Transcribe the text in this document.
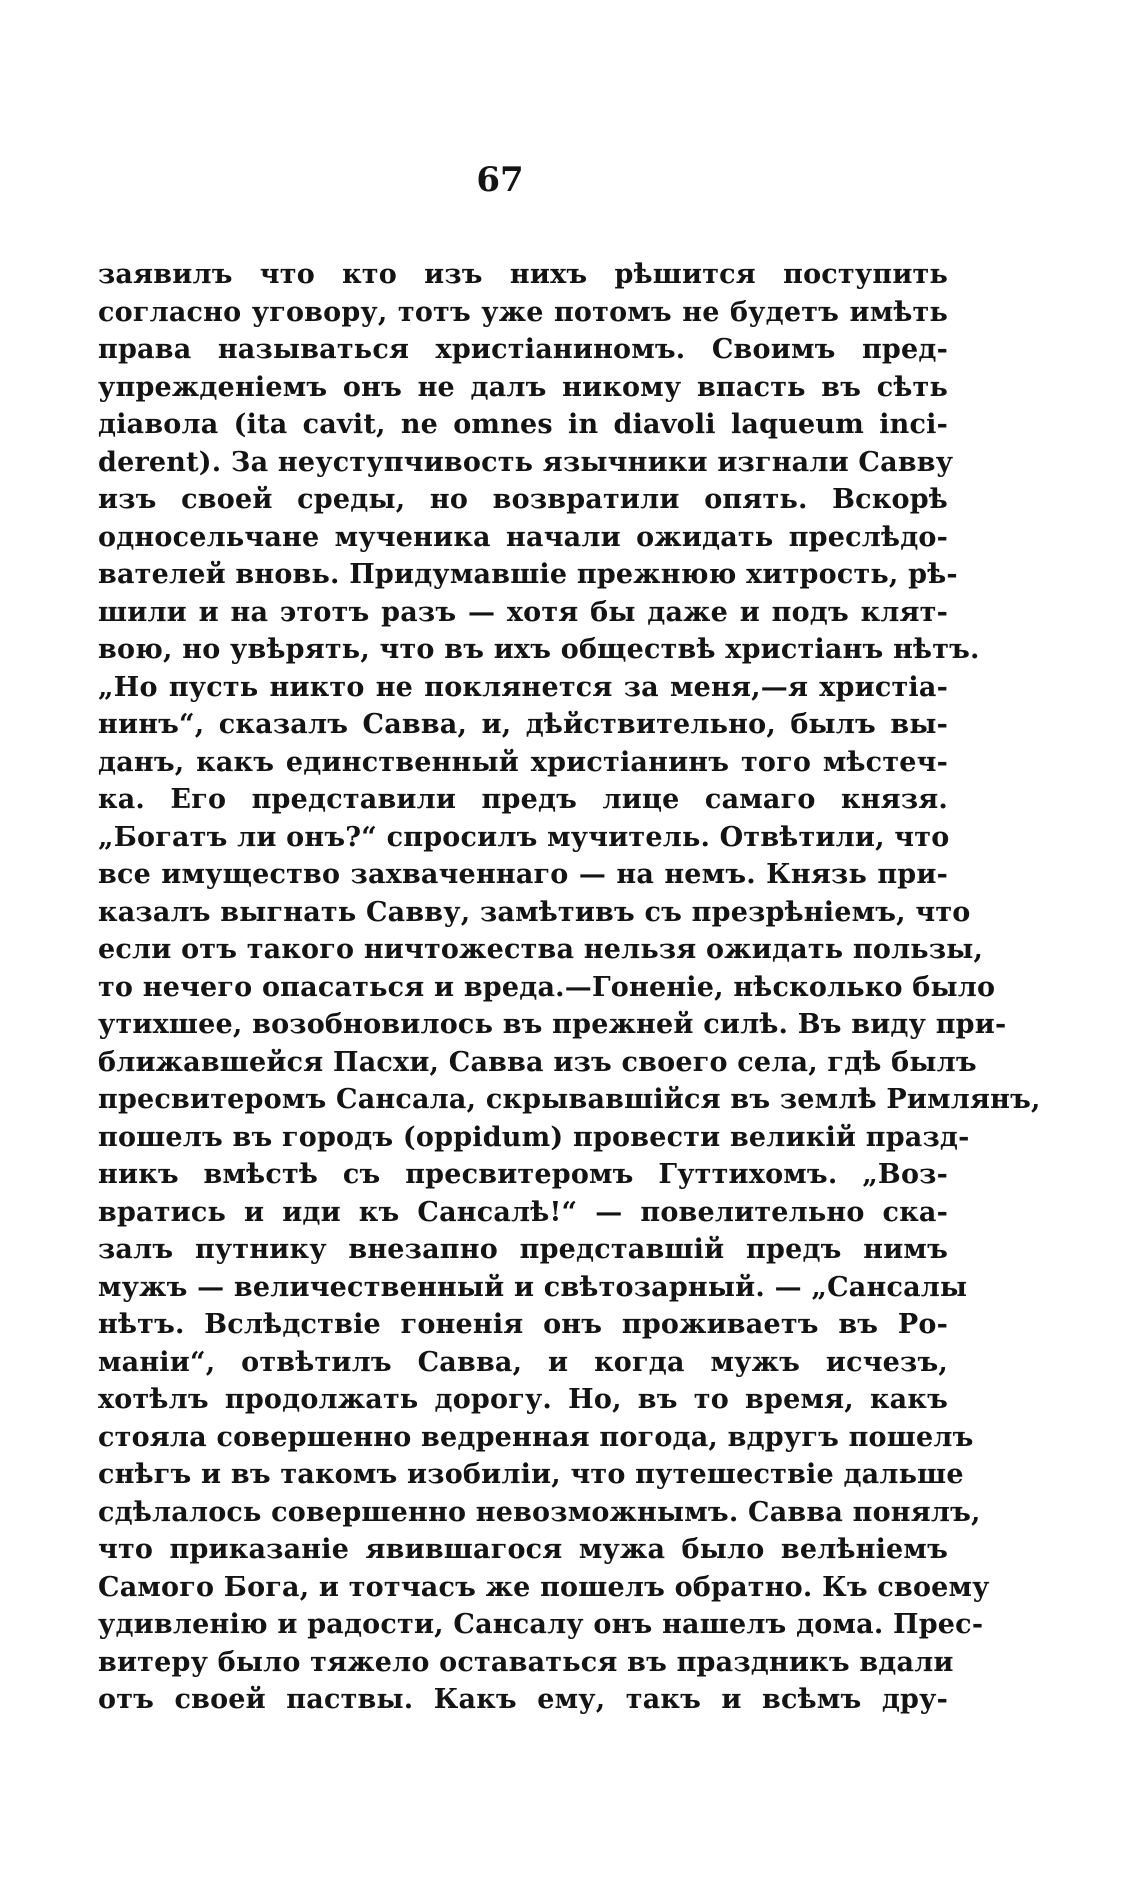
67
заявилъ что кто изъ нихъ рѣшится поступить
согласно уговору, тотъ уже потомъ не будетъ имѣть
права называться христіаниномъ. Своимъ пред-
упрежденіемъ онъ не далъ никому впасть въ сѣть
діавола (ita cavit, ne omnes in diavoli laqueum inci-
derent). За неуступчивость язычники изгнали Савву
изъ своей среды, но возвратили опять. Вскорѣ
односельчане мученика начали ожидать преслѣдо-
вателей вновь. Придумавшіе прежнюю хитрость, рѣ-
шили и на этотъ разъ — хотя бы даже и подъ клят-
вою, но увѣрять, что въ ихъ обществѣ христіанъ нѣтъ.
„Но пусть никто не поклянется за меня,—я христіа-
нинъ“, сказалъ Савва, и, дѣйствительно, былъ вы-
данъ, какъ единственный христіанинъ того мѣстеч-
ка. Его представили предъ лице самаго князя.
„Богатъ ли онъ?“ спросилъ мучитель. Отвѣтили, что
все имущество захваченнаго — на немъ. Князь при-
казалъ выгнать Савву, замѣтивъ съ презрѣніемъ, что
если отъ такого ничтожества нельзя ожидать пользы,
то нечего опасаться и вреда.—Гоненіе, нѣсколько было
утихшее, возобновилось въ прежней силѣ. Въ виду при-
ближавшейся Пасхи, Савва изъ своего села, гдѣ былъ
пресвитеромъ Сансала, скрывавшійся въ землѣ Римлянъ,
пошелъ въ городъ (oppidum) провести великій празд-
никъ вмѣстѣ съ пресвитеромъ Гуттихомъ. „Воз-
вратись и иди къ Сансалѣ!“ — повелительно ска-
залъ путнику внезапно представшій предъ нимъ
мужъ — величественный и свѣтозарный. — „Сансалы
нѣтъ. Вслѣдствіе гоненія онъ проживаетъ въ Ро-
маніи“, отвѣтилъ Савва, и когда мужъ исчезъ,
хотѣлъ продолжать дорогу. Но, въ то время, какъ
стояла совершенно ведренная погода, вдругъ пошелъ
снѣгъ и въ такомъ изобиліи, что путешествіе дальше
сдѣлалось совершенно невозможнымъ. Савва понялъ,
что приказаніе явившагося мужа было велѣніемъ
Самого Бога, и тотчасъ же пошелъ обратно. Къ своему
удивленію и радости, Сансалу онъ нашелъ дома. Прес-
витеру было тяжело оставаться въ праздникъ вдали
отъ своей паствы. Какъ ему, такъ и всѣмъ дру-
